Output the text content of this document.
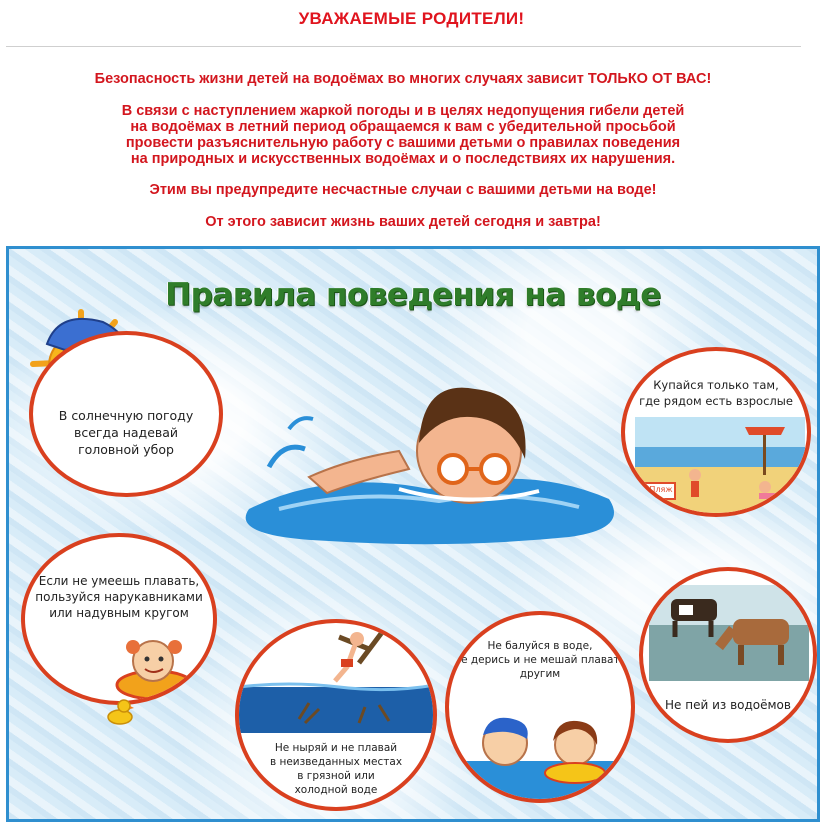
УВАЖАЕМЫЕ РОДИТЕЛИ!

Безопасность жизни детей на водоёмах во многих случаях зависит ТОЛЬКО ОТ ВАС!

В связи с наступлением жаркой погоды и в целях недопущения гибели детей
на водоёмах в летний период обращаемся к вам с убедительной просьбой
провести разъяснительную работу с вашими детьми о правилах поведения
на природных и искусственных водоёмах и о последствиях их нарушения.

Этим вы предупредите несчастные случаи с вашими детьми на воде!

От этого зависит жизнь ваших детей сегодня и завтра!

Правила поведения на воде
В солнечную погоду
всегда надевай
головной убор
Купайся только там,
где рядом есть взрослые
Пляж
Если не умеешь плавать,
пользуйся нарукавниками
или надувным кругом
Не ныряй и не плавай
в неизведанных местах
в грязной или
холодной воде
Не балуйся в воде,
не дерись и не мешай плавать
другим
Не пей из водоёмов
